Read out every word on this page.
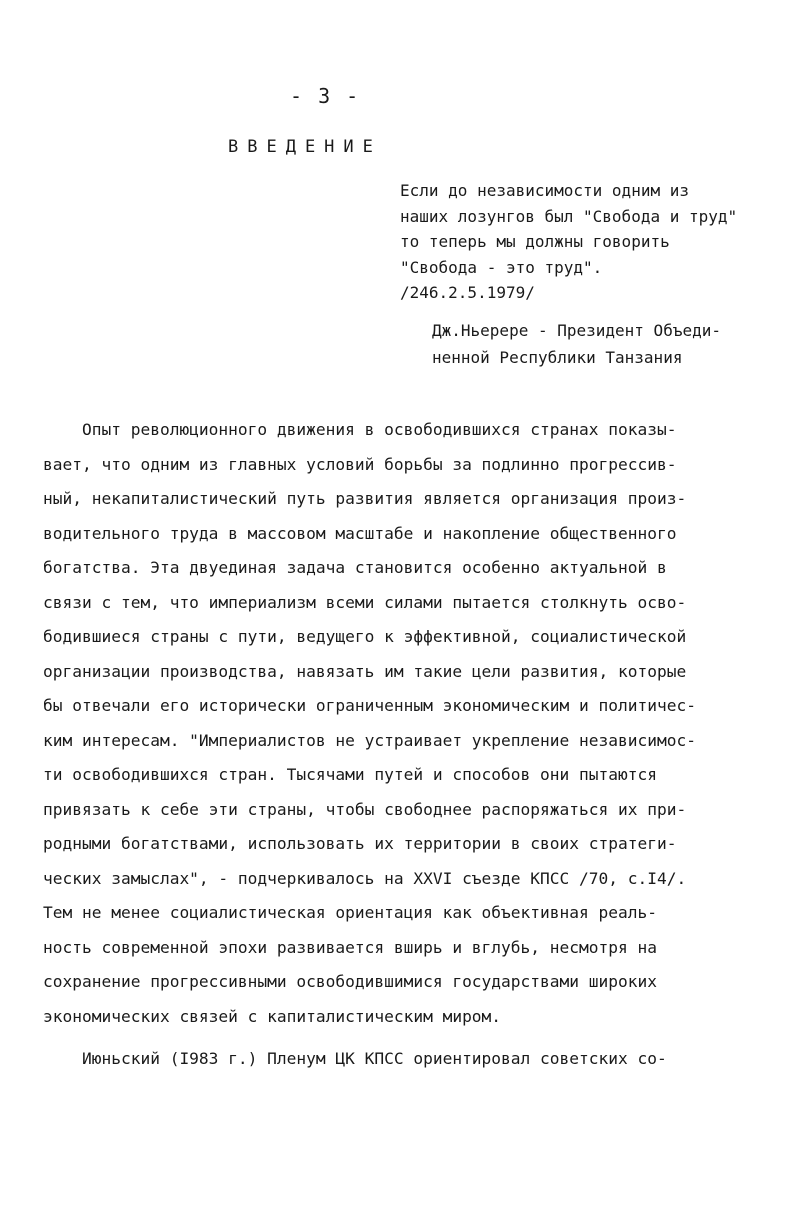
- 3 -
ВВЕДЕНИЕ
Если до независимости одним из
наших лозунгов был "Свобода и труд"
то теперь мы должны говорить
"Свобода - это труд".
/246.2.5.1979/
Дж.Ньерере - Президент Объеди-
ненной Республики Танзания
Опыт революционного движения в освободившихся странах показы-
вает, что одним из главных условий борьбы за подлинно прогрессив-
ный, некапиталистический путь развития является организация произ-
водительного труда в массовом масштабе и накопление общественного
богатства. Эта двуединая задача становится особенно актуальной в
связи с тем, что империализм всеми силами пытается столкнуть осво-
бодившиеся страны с пути, ведущего к эффективной, социалистической
организации производства, навязать им такие цели развития, которые
бы отвечали его исторически ограниченным экономическим и политичес-
ким интересам. "Империалистов не устраивает укрепление независимос-
ти освободившихся стран. Тысячами путей и способов они пытаются
привязать к себе эти страны, чтобы свободнее распоряжаться их при-
родными богатствами, использовать их территории в своих стратеги-
ческих замыслах", - подчеркивалось на XXVI съезде КПСС /70, с.I4/.
Тем не менее социалистическая ориентация как объективная реаль-
ность современной эпохи развивается вширь и вглубь, несмотря на
сохранение прогрессивными освободившимися государствами широких
экономических связей с капиталистическим миром.
Июньский (I983 г.) Пленум ЦК КПСС ориентировал советских со-
